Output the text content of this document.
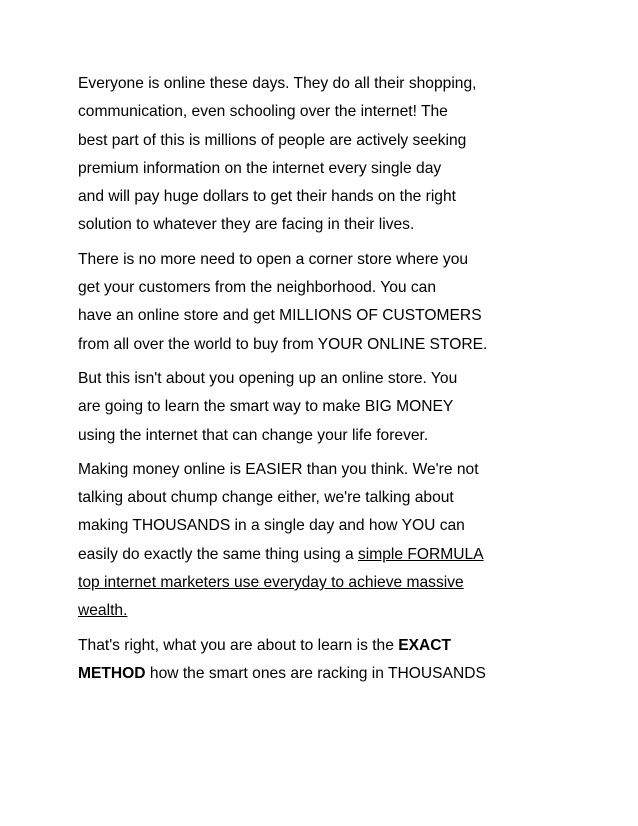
Everyone is online these days. They do all their shopping,
communication, even schooling over the internet! The
best part of this is millions of people are actively seeking
premium information on the internet every single day
and will pay huge dollars to get their hands on the right
solution to whatever they are facing in their lives.

There is no more need to open a corner store where you
get your customers from the neighborhood. You can
have an online store and get MILLIONS OF CUSTOMERS
from all over the world to buy from YOUR ONLINE STORE.

But this isn't about you opening up an online store. You
are going to learn the smart way to make BIG MONEY
using the internet that can change your life forever.

Making money online is EASIER than you think. We're not
talking about chump change either, we're talking about
making THOUSANDS in a single day and how YOU can
easily do exactly the same thing using a simple FORMULA
top internet marketers use everyday to achieve massive
wealth.

That's right, what you are about to learn is the EXACT
METHOD how the smart ones are racking in THOUSANDS
